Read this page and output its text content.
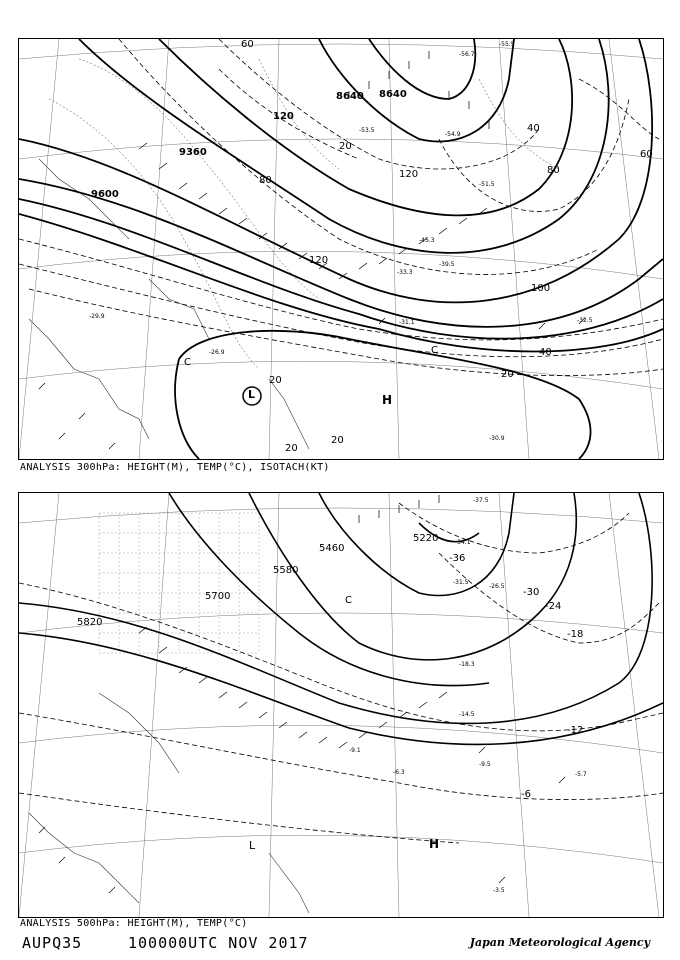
9360
9600
8640 8640
60
80
120
120
20
40
60
80
100
120
40
20
20
20
20
L	H
C
C
-56.7
-55.5
-54.9
-53.5
-51.5
-45.3
-39.5
-33.3
-31.1
-29.9
-26.9
-30.9
-32.5
ANALYSIS 300hPa: HEIGHT(M), TEMP(°C), ISOTACH(KT)
5460
5220
5580
5700
5820
-36
-30
-24
-18
-12
-6
L	H
C
-37.5
-34.1
-31.5
-26.5
-18.3
-14.5
-9.5
-5.7
-6.3
-9.1
-3.5
ANALYSIS 500hPa: HEIGHT(M), TEMP(°C)
AUPQ35	100000UTC NOV 2017	Japan Meteorological Agency
